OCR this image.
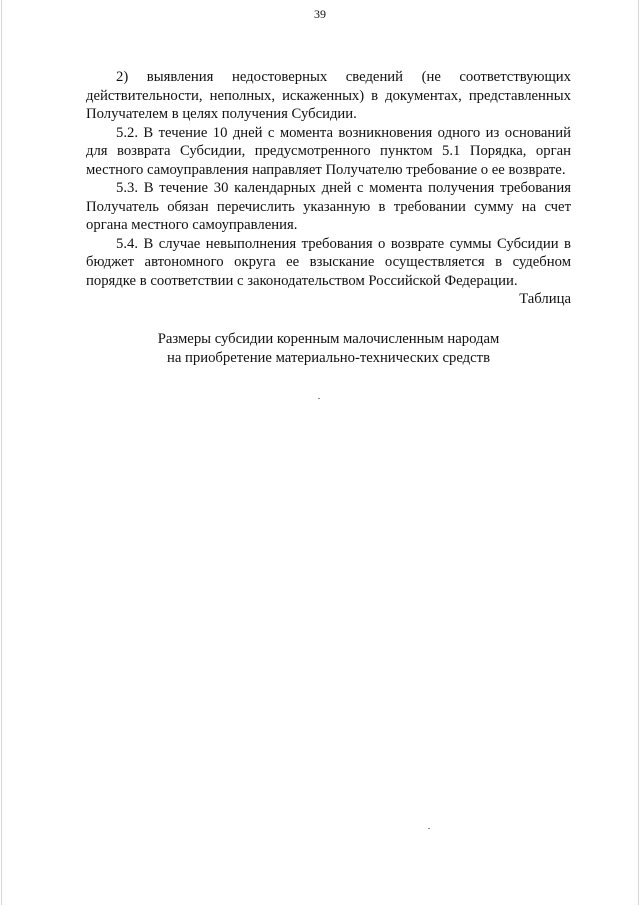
39

2) выявления недостоверных сведений (не соответствующих действительности, неполных, искаженных) в документах, представленных Получателем в целях получения Субсидии.

5.2. В течение 10 дней с момента возникновения одного из оснований для возврата Субсидии, предусмотренного пунктом 5.1 Порядка, орган местного самоуправления направляет Получателю требование о ее возврате.

5.3. В течение 30 календарных дней с момента получения требования Получатель обязан перечислить указанную в требовании сумму на счет органа местного самоуправления.

5.4. В случае невыполнения требования о возврате суммы Субсидии в бюджет автономного округа ее взыскание осуществляется в судебном порядке в соответствии с законодательством Российской Федерации.

Таблица
Размеры субсидии коренным малочисленным народам
на приобретение материально-технических средств
